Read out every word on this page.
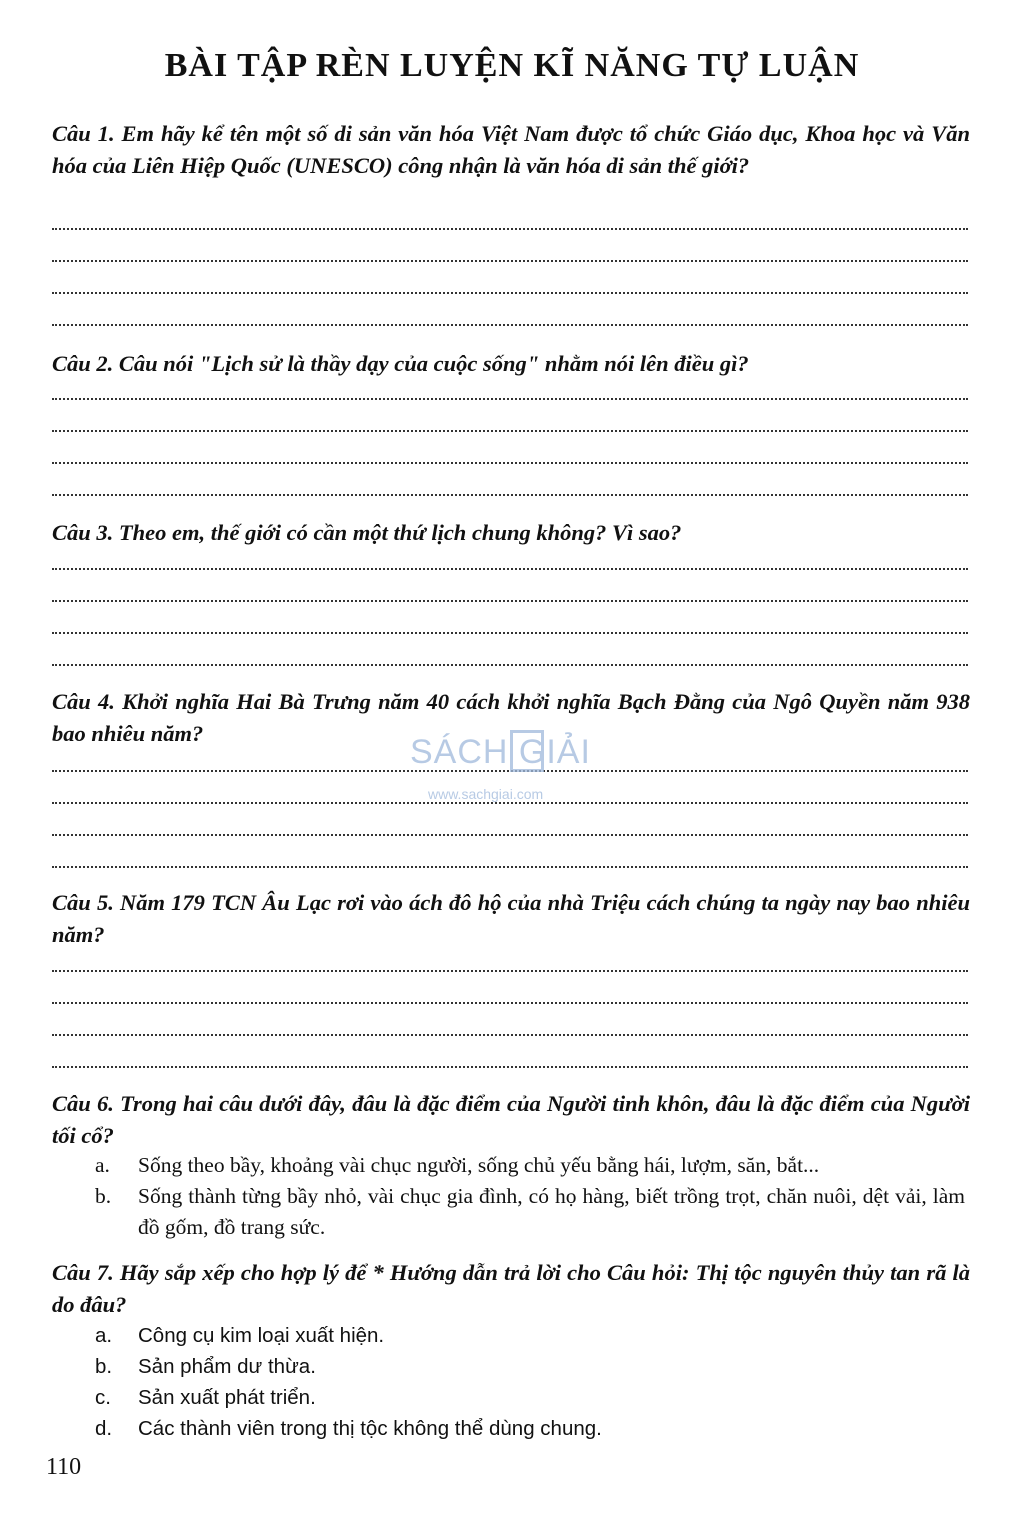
BÀI TẬP RÈN LUYỆN KĨ NĂNG TỰ LUẬN
Câu 1. Em hãy kể tên một số di sản văn hóa Việt Nam được tổ chức Giáo dục, Khoa học và Văn hóa của Liên Hiệp Quốc (UNESCO) công nhận là văn hóa di sản thế giới?
Câu 2. Câu nói "Lịch sử là thầy dạy của cuộc sống" nhằm nói lên điều gì?
Câu 3. Theo em, thế giới có cần một thứ lịch chung không? Vì sao?
Câu 4. Khởi nghĩa Hai Bà Trưng năm 40 cách khởi nghĩa Bạch Đằng của Ngô Quyền năm 938 bao nhiêu năm?
Câu 5. Năm 179 TCN Âu Lạc rơi vào ách đô hộ của nhà Triệu cách chúng ta ngày nay bao nhiêu năm?
Câu 6. Trong hai câu dưới đây, đâu là đặc điểm của Người tinh khôn, đâu là đặc điểm của Người tối cổ?
a.	Sống theo bầy, khoảng vài chục người, sống chủ yếu bằng hái, lượm, săn, bắt...
b.	Sống thành từng bầy nhỏ, vài chục gia đình, có họ hàng, biết trồng trọt, chăn nuôi, dệt vải, làm đồ gốm, đồ trang sức.
Câu 7. Hãy sắp xếp cho hợp lý để * Hướng dẫn trả lời cho Câu hỏi: Thị tộc nguyên thủy tan rã là do đâu?
a.	Công cụ kim loại xuất hiện.
b.	Sản phẩm dư thừa.
c.	Sản xuất phát triển.
d.	Các thành viên trong thị tộc không thể dùng chung.
110
SÁCH GIẢI
www.sachgiai.com
